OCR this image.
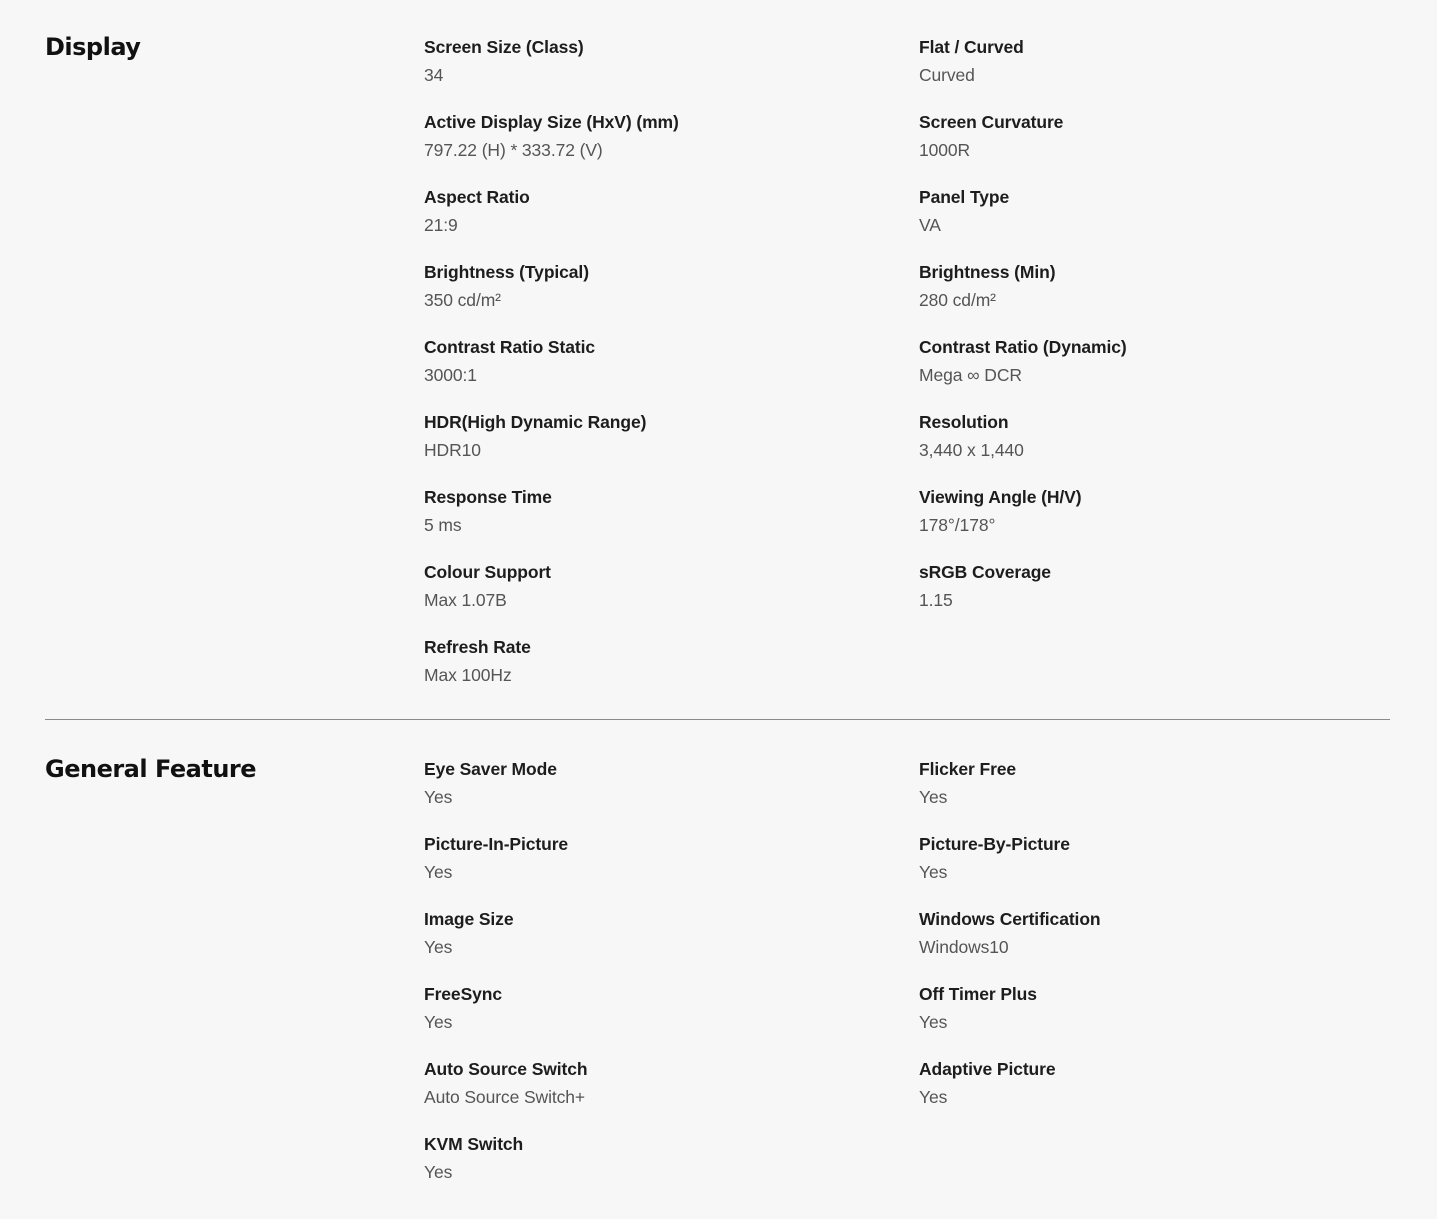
Display	Screen Size (Class)
34
Flat / Curved
Curved
Active Display Size (HxV) (mm)
797.22 (H) * 333.72 (V)
Screen Curvature
1000R
Aspect Ratio
21:9
Panel Type
VA
Brightness (Typical)
350 cd/m²
Brightness (Min)
280 cd/m²
Contrast Ratio Static
3000:1
Contrast Ratio (Dynamic)
Mega ∞ DCR
HDR(High Dynamic Range)
HDR10
Resolution
3,440 x 1,440
Response Time
5 ms
Viewing Angle (H/V)
178°/178°
Colour Support
Max 1.07B
sRGB Coverage
1.15
Refresh Rate
Max 100Hz
General Feature	Eye Saver Mode
Yes
Flicker Free
Yes
Picture-In-Picture
Yes
Picture-By-Picture
Yes
Image Size
Yes
Windows Certification
Windows10
FreeSync
Yes
Off Timer Plus
Yes
Auto Source Switch
Auto Source Switch+
Adaptive Picture
Yes
KVM Switch
Yes
